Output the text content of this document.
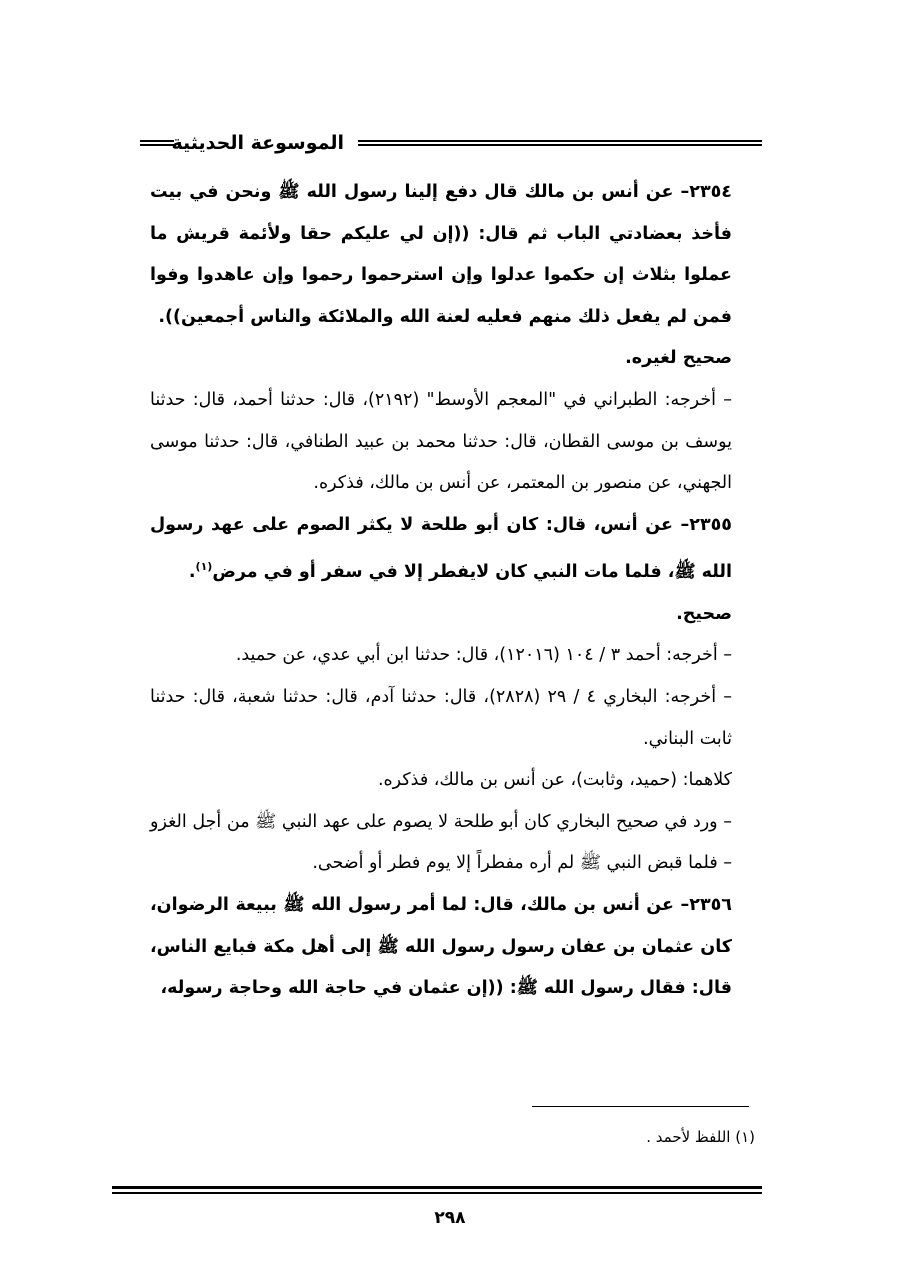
الموسوعة الحديثية

٢٣٥٤– عن أنس بن مالك قال دفع إلينا رسول الله ﷺ ونحن في بيت فأخذ بعضادتي الباب ثم قال: ((إن لي عليكم حقا ولأئمة قريش ما عملوا بثلاث إن حكموا عدلوا وإن استرحموا رحموا وإن عاهدوا وفوا فمن لم يفعل ذلك منهم فعليه لعنة الله والملائكة والناس أجمعين)).

صحيح لغيره.

– أخرجه: الطبراني في "المعجم الأوسط" (٢١٩٢)، قال: حدثنا أحمد، قال: حدثنا يوسف بن موسى القطان، قال: حدثنا محمد بن عبيد الطنافي، قال: حدثنا موسى الجهني، عن منصور بن المعتمر، عن أنس بن مالك، فذكره.

٢٣٥٥– عن أنس، قال: كان أبو طلحة لا يكثر الصوم على عهد رسول الله ﷺ، فلما مات النبي كان لايفطر إلا في سفر أو في مرض$^{(١)}$.

صحيح.

– أخرجه: أحمد ٣ / ١٠٤ (١٢٠١٦)، قال: حدثنا ابن أبي عدي، عن حميد.

– أخرجه: البخاري ٤ / ٢٩ (٢٨٢٨)، قال: حدثنا آدم، قال: حدثنا شعبة، قال: حدثنا ثابت البناني.

كلاهما: (حميد، وثابت)، عن أنس بن مالك، فذكره.

– ورد في صحيح البخاري كان أبو طلحة لا يصوم على عهد النبي ﷺ من أجل الغزو – فلما قبض النبي ﷺ لم أره مفطراً إلا يوم فطر أو أضحى.

٢٣٥٦– عن أنس بن مالك، قال: لما أمر رسول الله ﷺ ببيعة الرضوان، كان عثمان بن عفان رسول رسول الله ﷺ إلى أهل مكة فبايع الناس، قال: فقال رسول الله ﷺ: ((إن عثمان في حاجة الله وحاجة رسوله،

(١) اللفظ لأحمد .
٢٩٨
